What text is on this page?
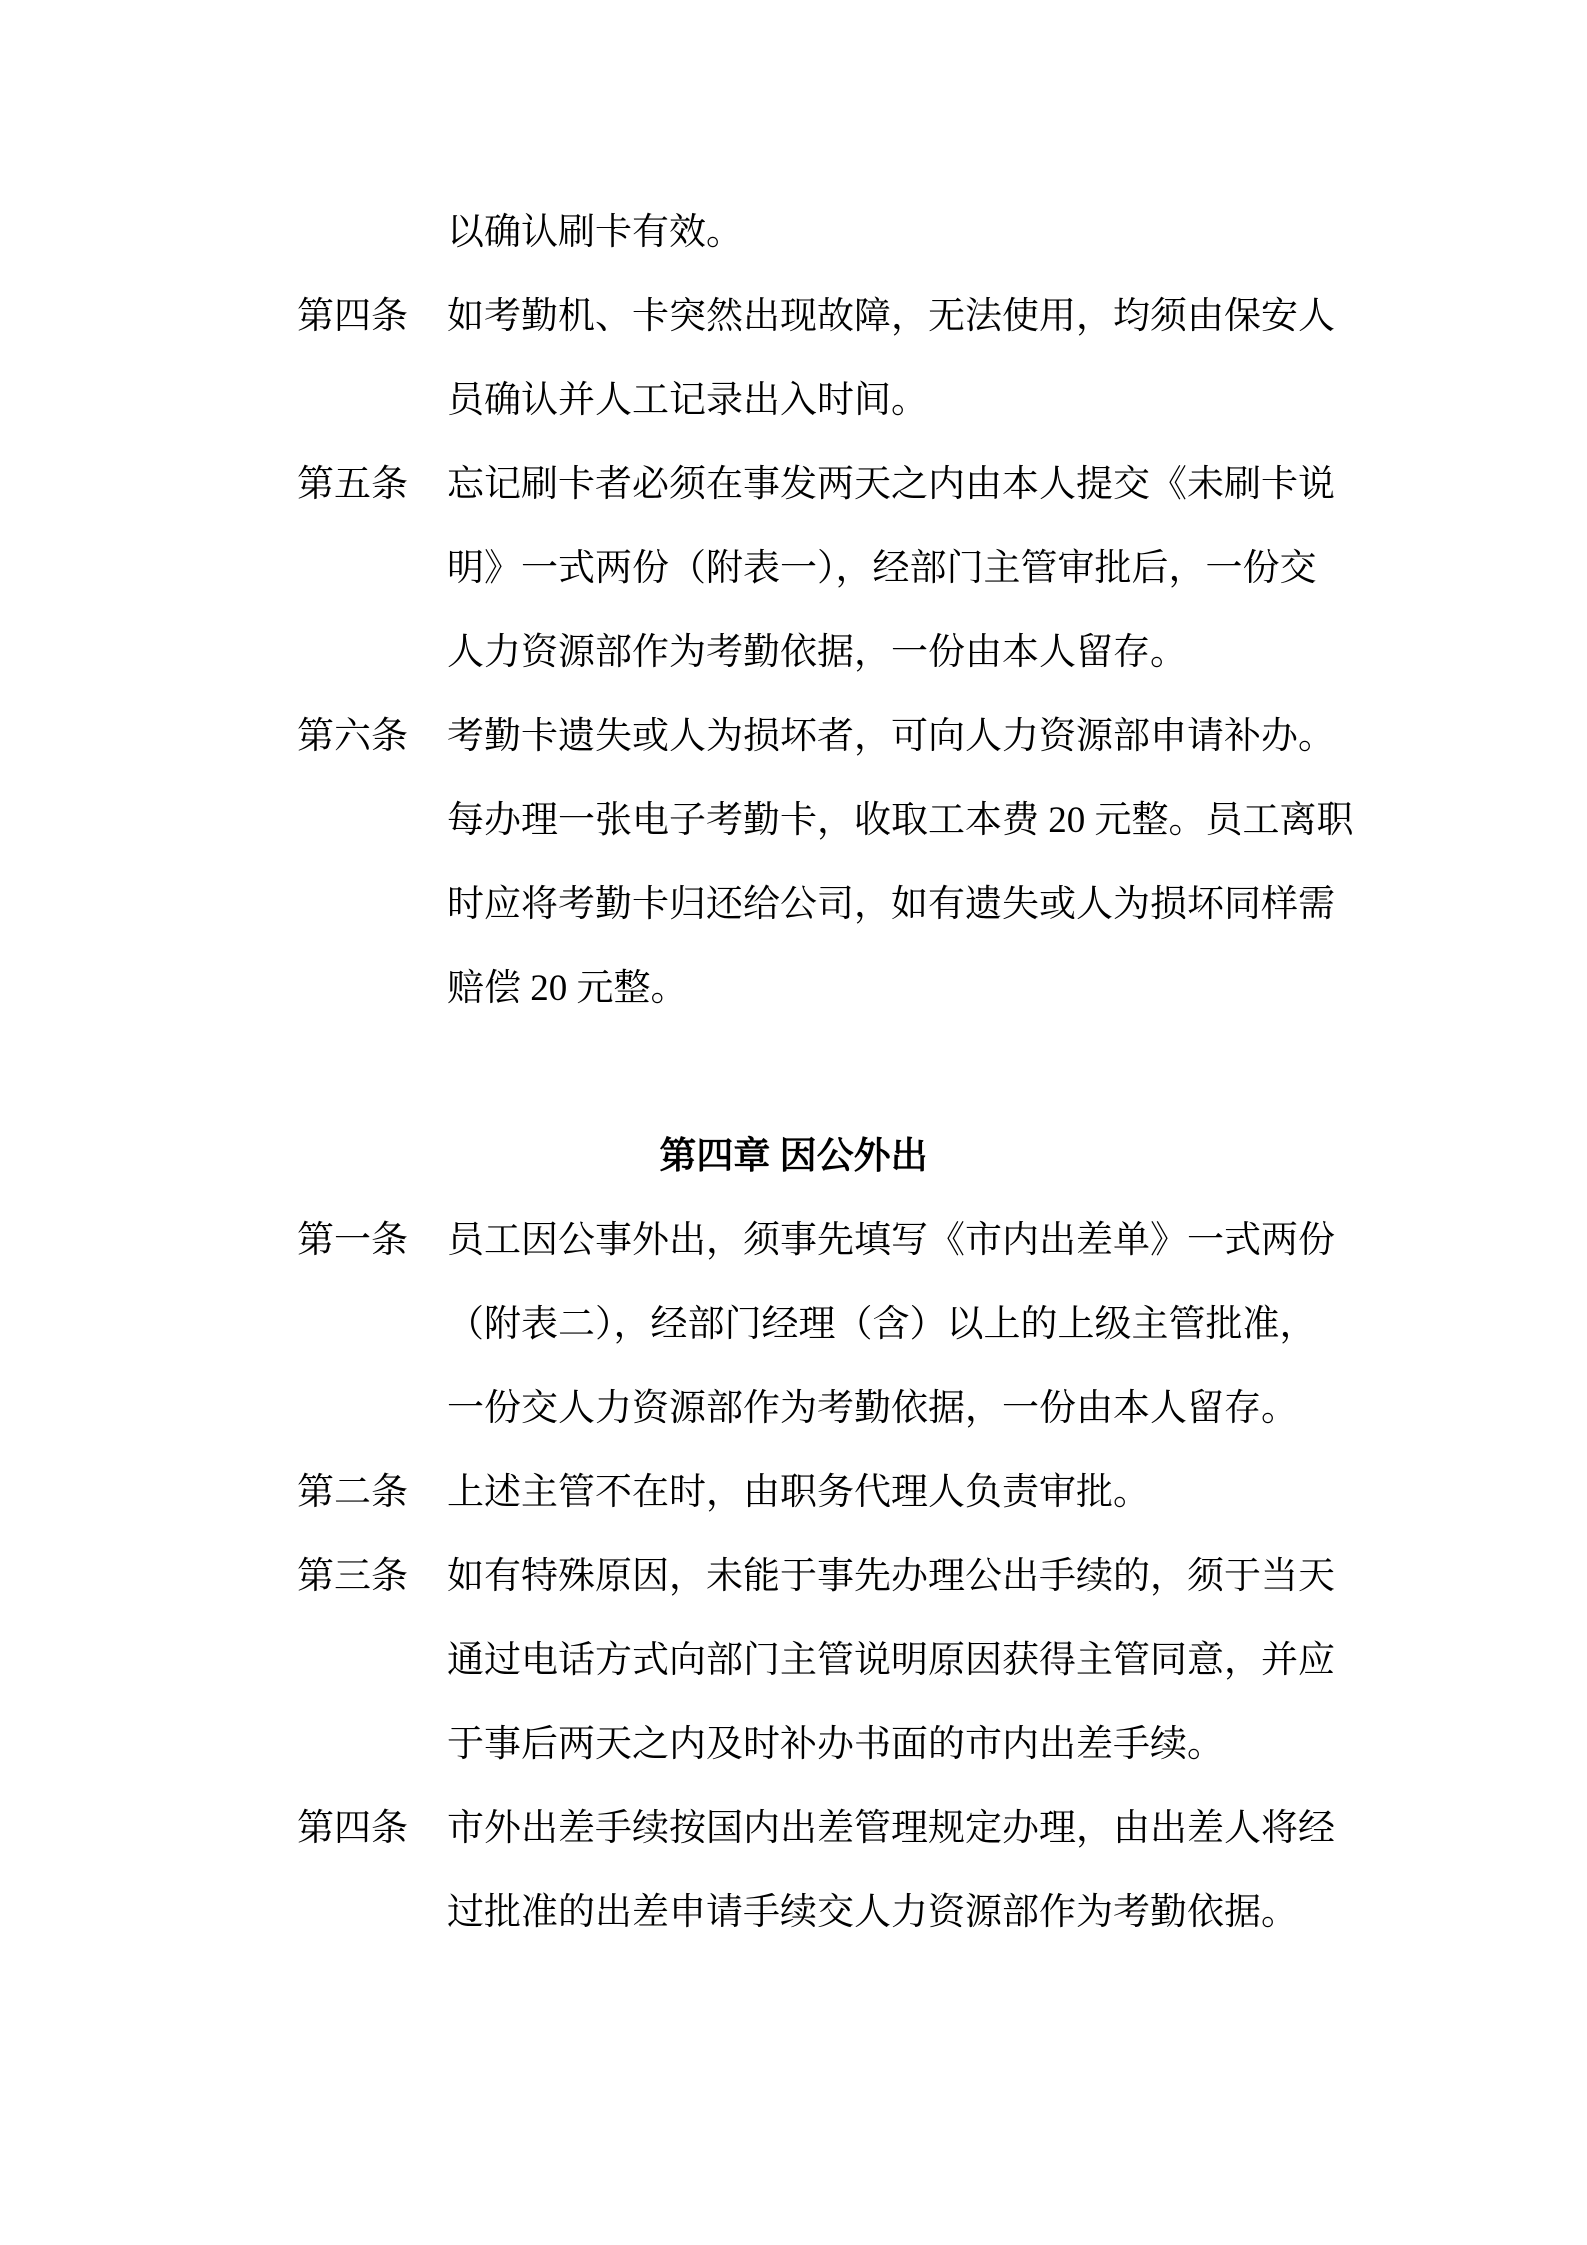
以确认刷卡有效。
第四条 如考勤机、卡突然出现故障，无法使用，均须由保安人
员确认并人工记录出入时间。
第五条 忘记刷卡者必须在事发两天之内由本人提交《未刷卡说
明》一式两份（附表一），经部门主管审批后，一份交
人力资源部作为考勤依据，一份由本人留存。
第六条 考勤卡遗失或人为损坏者，可向人力资源部申请补办。
每办理一张电子考勤卡，收取工本费 20 元整。员工离职
时应将考勤卡归还给公司，如有遗失或人为损坏同样需
赔偿 20 元整。
第四章 因公外出
第一条 员工因公事外出，须事先填写《市内出差单》一式两份
（附表二），经部门经理（含）以上的上级主管批准，
一份交人力资源部作为考勤依据，一份由本人留存。
第二条 上述主管不在时，由职务代理人负责审批。
第三条 如有特殊原因，未能于事先办理公出手续的，须于当天
通过电话方式向部门主管说明原因获得主管同意，并应
于事后两天之内及时补办书面的市内出差手续。
第四条 市外出差手续按国内出差管理规定办理，由出差人将经
过批准的出差申请手续交人力资源部作为考勤依据。
